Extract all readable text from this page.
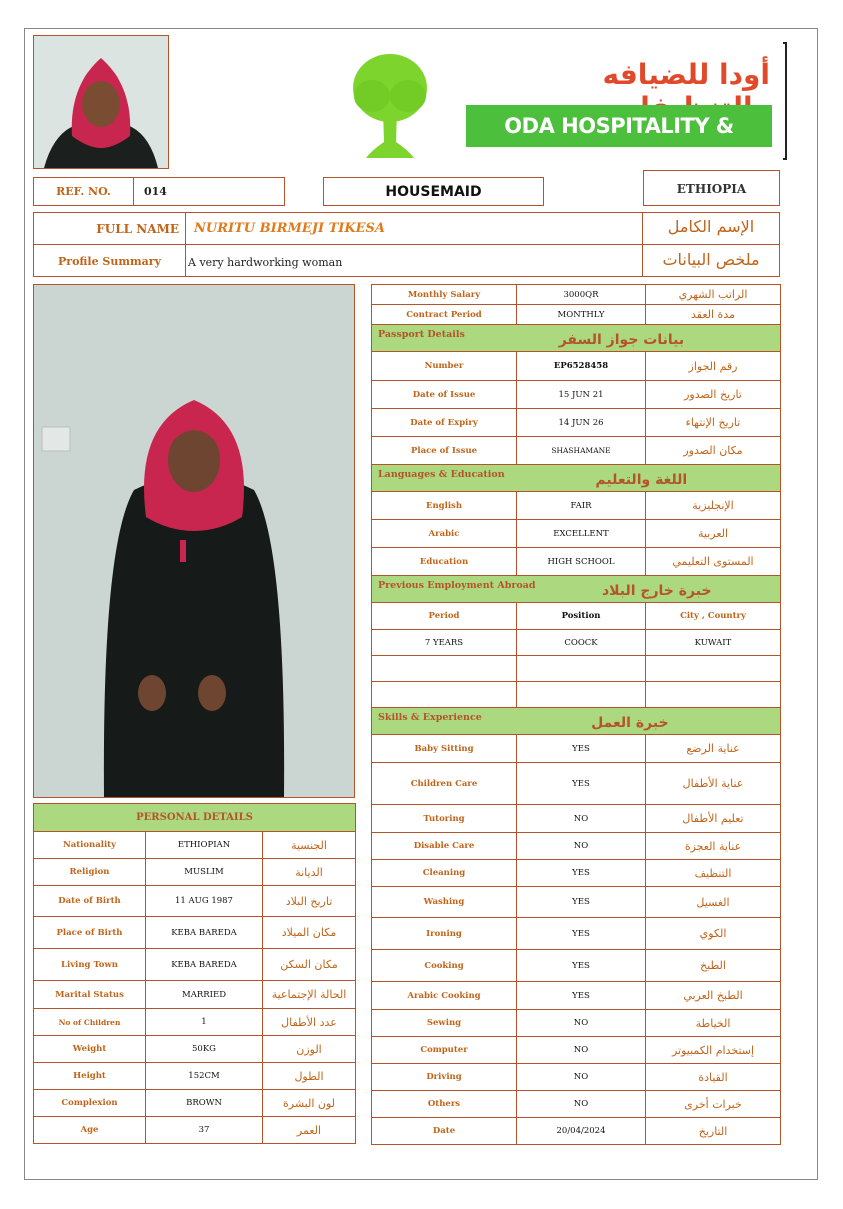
أودا للضيافه
ODA HOSPITALITY & CLEANING
REF. NO.	014	HOUSEMAID	ETHIOPIA
FULL NAME	NURITU BIRMEJI TIKESA	الإسم الكامل
Profile Summary	A very hardworking woman	ملخص البيانات
PERSONAL DETAILS		
Nationality	ETHIOPIAN	الجنسية
Religion	MUSLIM	الديانة
Date of Birth	11 AUG 1987	تاريخ البلاد
Place of Birth	KEBA BAREDA	مكان الميلاد
Living Town	KEBA BAREDA	مكان السكن
Marital Status	MARRIED	الحالة الإجتماعية
No of Children	1	عدد الأطفال
Weight	50KG	الوزن
Height	152CM	الطول
Complexion	BROWN	لون البشرة
Age	37	العمر
Monthly Salary	3000QR	الراتب الشهري
Contract Period	MONTHLY	مدة العقد

Passport Details بيانات جواز السفر		

Number	EP6528458	رقم الجواز
Date of Issue	15 JUN 21	تاريخ الصدور
Date of Expiry	14 JUN 26	تاريخ الإنتهاء
Place of Issue	SHASHAMANE	مكان الصدور

Languages & Education اللغة والتعليم		

English	FAIR	الإنجليزية
Arabic	EXCELLENT	العربية
Education	HIGH SCHOOL	المستوى التعليمي

Previous Employment Abroad خبرة خارج البلاد		

Period	Position	City , Country
7 YEARS	COOCK	KUWAIT

Skills & Experience خبرة العمل		

Baby Sitting	YES	عناية الرضع
Children Care	YES	عناية الأطفال
Tutoring	NO	تعليم الأطفال
Disable Care	NO	عناية العجزة
Cleaning	YES	التنظيف
Washing	YES	الغسيل
Ironing	YES	الكوي
Cooking	YES	الطبخ
Arabic Cooking	YES	الطبخ العربي
Sewing	NO	الخياطة
Computer	NO	إستخدام الكمبيوتر
Driving	NO	القيادة
Others	NO	خبرات أخرى
Date	20/04/2024	التاريخ
